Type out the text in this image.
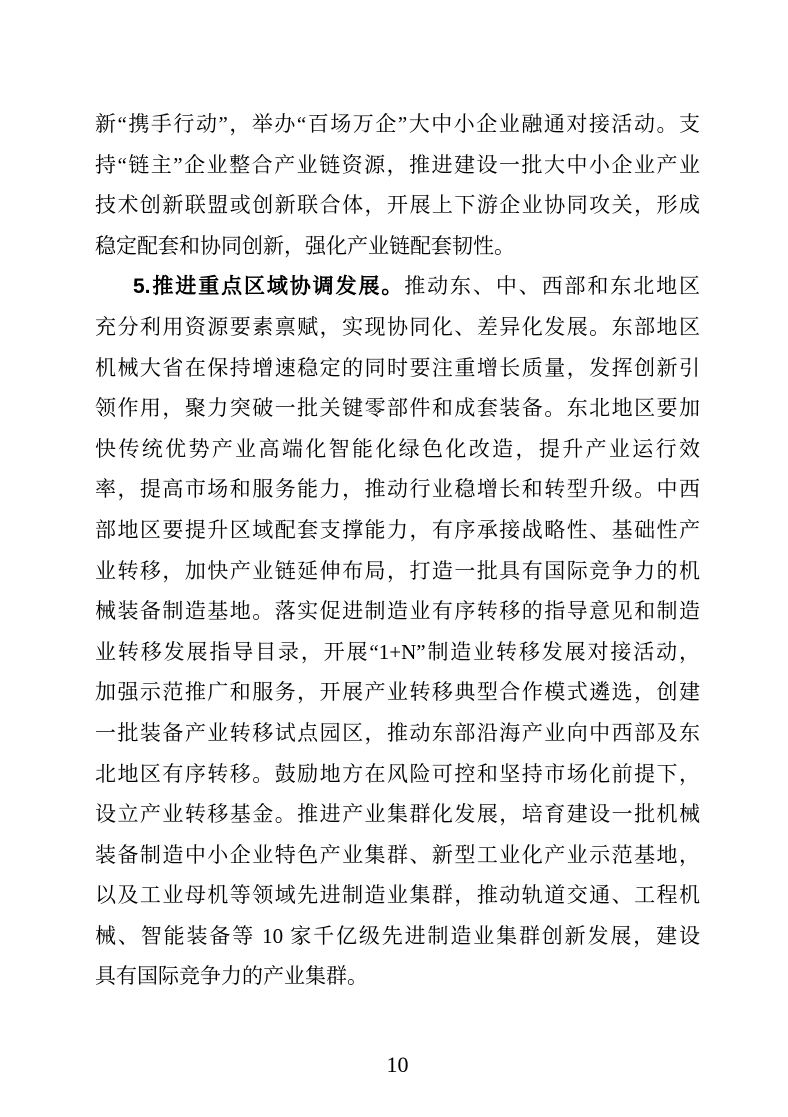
新“携手行动”，举办“百场万企”大中小企业融通对接活动。支
持“链主”企业整合产业链资源，推进建设一批大中小企业产业
技术创新联盟或创新联合体，开展上下游企业协同攻关，形成
稳定配套和协同创新，强化产业链配套韧性。
5.推进重点区域协调发展。推动东、中、西部和东北地区
充分利用资源要素禀赋，实现协同化、差异化发展。东部地区
机械大省在保持增速稳定的同时要注重增长质量，发挥创新引
领作用，聚力突破一批关键零部件和成套装备。东北地区要加
快传统优势产业高端化智能化绿色化改造，提升产业运行效
率，提高市场和服务能力，推动行业稳增长和转型升级。中西
部地区要提升区域配套支撑能力，有序承接战略性、基础性产
业转移，加快产业链延伸布局，打造一批具有国际竞争力的机
械装备制造基地。落实促进制造业有序转移的指导意见和制造
业转移发展指导目录，开展“1+N”制造业转移发展对接活动，
加强示范推广和服务，开展产业转移典型合作模式遴选，创建
一批装备产业转移试点园区，推动东部沿海产业向中西部及东
北地区有序转移。鼓励地方在风险可控和坚持市场化前提下，
设立产业转移基金。推进产业集群化发展，培育建设一批机械
装备制造中小企业特色产业集群、新型工业化产业示范基地，
以及工业母机等领域先进制造业集群，推动轨道交通、工程机
械、智能装备等 10 家千亿级先进制造业集群创新发展，建设
具有国际竞争力的产业集群。
10
